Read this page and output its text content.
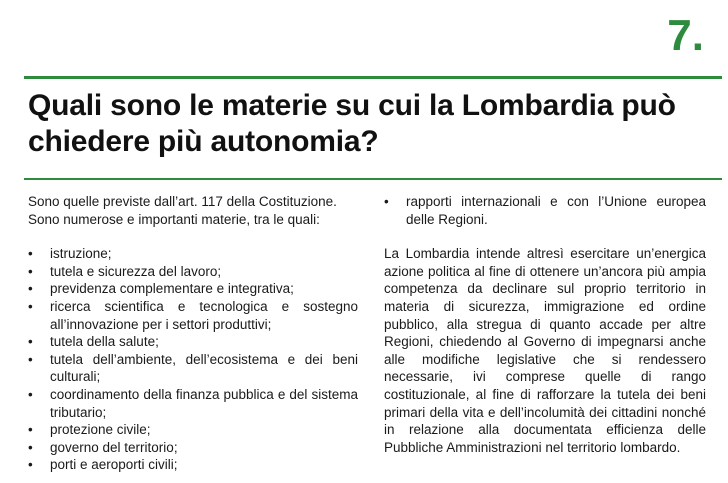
7.
Quali sono le materie su cui la Lombardia può chiedere più autonomia?

Sono quelle previste dall’art. 117 della Costituzione.
Sono numerose e importanti materie, tra le quali:

•	istruzione;
•	tutela e sicurezza del lavoro;
•	previdenza complementare e integrativa;
•	ricerca scientifica e tecnologica e sostegno all’innovazione per i settori produttivi;
•	tutela della salute;
•	tutela dell’ambiente, dell’ecosistema e dei beni culturali;
•	coordinamento della finanza pubblica e del sistema tributario;
•	protezione civile;
•	governo del territorio;
•	porti e aeroporti civili;
•	rapporti internazionali e con l’Unione europea delle Regioni.

La Lombardia intende altresì esercitare un’energica azione politica al fine di ottenere un’ancora più ampia competenza da declinare sul proprio territorio in materia di sicurezza, immigrazione ed ordine pubblico, alla stregua di quanto accade per altre Regioni, chiedendo al Governo di impegnarsi anche alle modifiche legislative che si rendessero necessarie, ivi comprese quelle di rango costituzionale, al fine di rafforzare la tutela dei beni primari della vita e dell’incolumità dei cittadini nonché in relazione alla documentata efficienza delle Pubbliche Amministrazioni nel territorio lombardo.
